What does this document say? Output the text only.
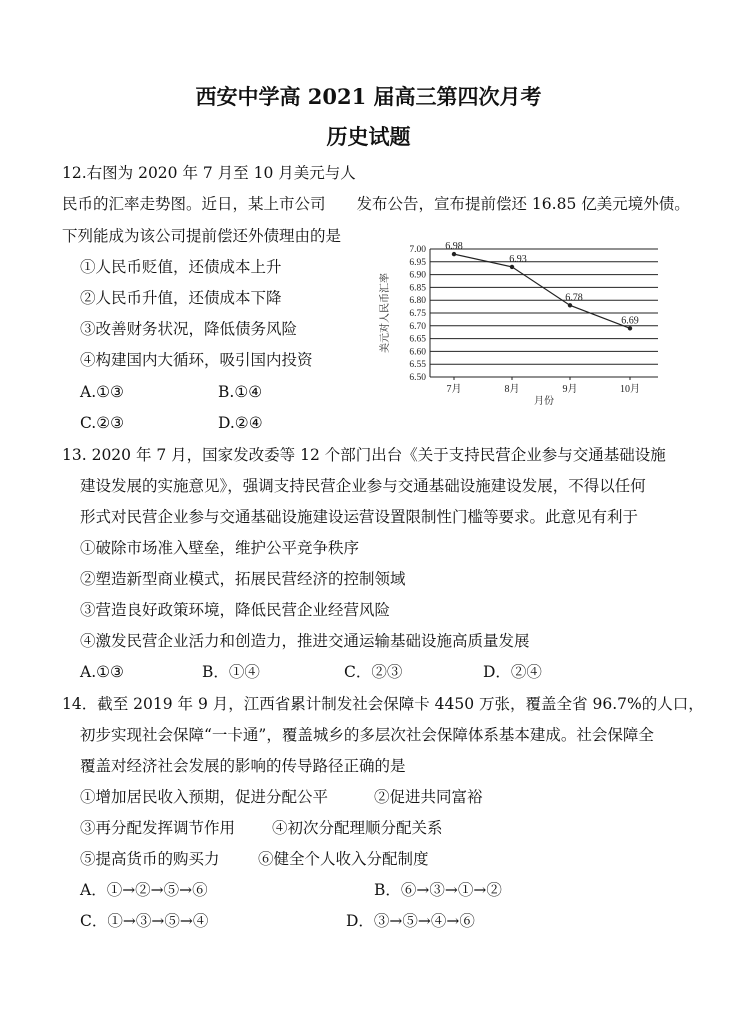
西安中学高 2021 届高三第四次月考
历史试题
12.右图为 2020 年 7 月至 10 月美元与人
民币的汇率走势图。近日，某上市公司　　发布公告，宣布提前偿还 16.85 亿美元境外债。
下列能成为该公司提前偿还外债理由的是
①人民币贬值，还债成本上升
②人民币升值，还债成本下降
③改善财务状况，降低债务风险
④构建国内大循环，吸引国内投资
A.①③	B.①④
C.②③	D.②④
6.50
6.55
6.60
6.65
6.70
6.75
6.80
6.85
6.90
6.95
7.00
7月	8月	9月	10月
6.98
6.93
6.78
6.69
月份
美元对人民币汇率
13. 2020 年 7 月，国家发改委等 12 个部门出台《关于支持民营企业参与交通基础设施
建设发展的实施意见》，强调支持民营企业参与交通基础设施建设发展，不得以任何
形式对民营企业参与交通基础设施建设运营设置限制性门槛等要求。此意见有利于
①破除市场准入壁垒，维护公平竞争秩序
②塑造新型商业模式，拓展民营经济的控制领域
③营造良好政策环境，降低民营企业经营风险
④激发民营企业活力和创造力，推进交通运输基础设施高质量发展
A.①③	B．①④	C．②③	D．②④
14．截至 2019 年 9 月，江西省累计制发社会保障卡 4450 万张，覆盖全省 96.7%的人口，
初步实现社会保障“一卡通”，覆盖城乡的多层次社会保障体系基本建成。社会保障全
覆盖对经济社会发展的影响的传导路径正确的是
①增加居民收入预期，促进分配公平	②促进共同富裕
③再分配发挥调节作用 ④初次分配理顺分配关系
⑤提高货币的购买力 ⑥健全个人收入分配制度
A．①→②→⑤→⑥	B．⑥→③→①→②
C．①→③→⑤→④	D．③→⑤→④→⑥
